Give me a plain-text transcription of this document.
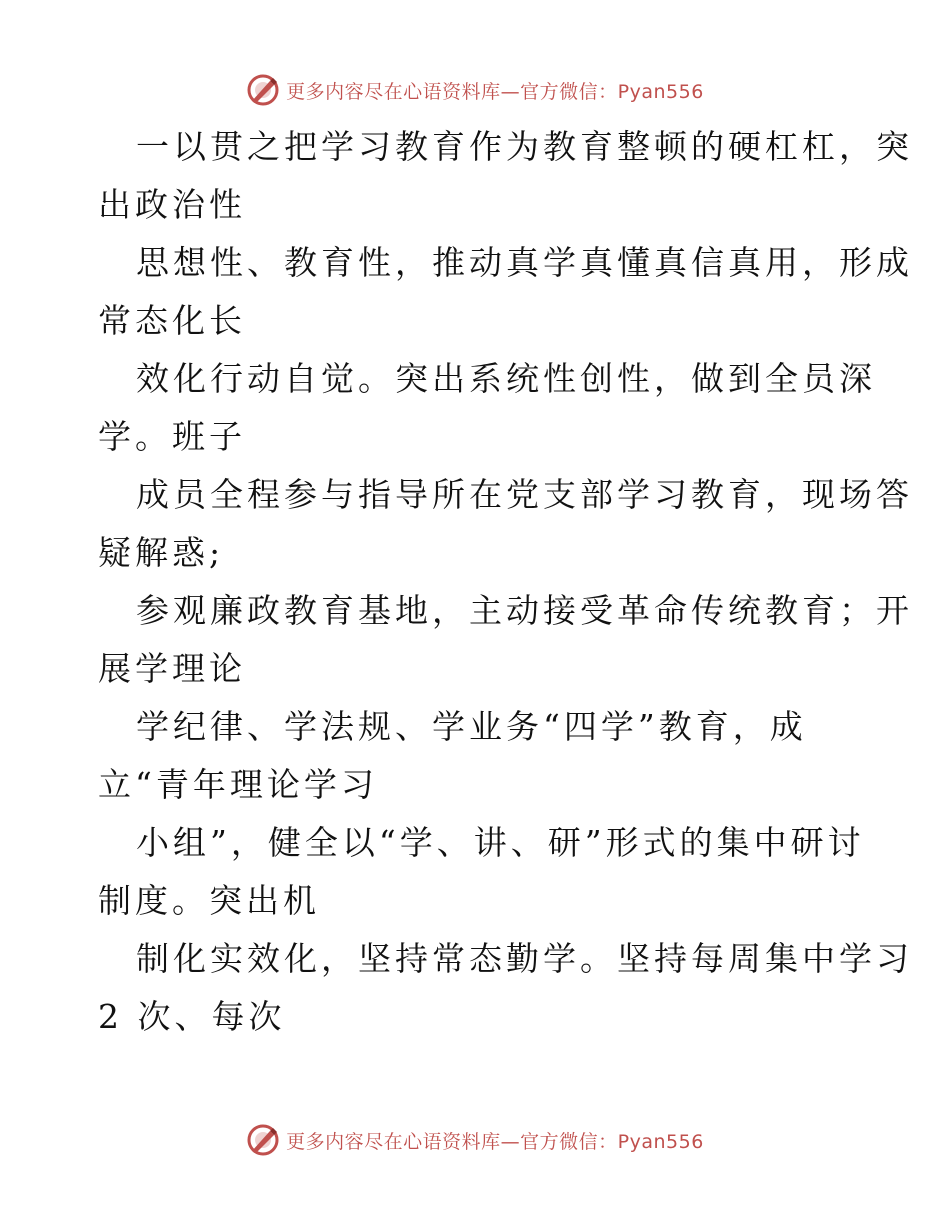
更多内容尽在心语资料库—官方微信：Pyan556

一以贯之把学习教育作为教育整顿的硬杠杠，突

出政治性

思想性、教育性，推动真学真懂真信真用，形成

常态化长

效化行动自觉。突出系统性创性，做到全员深

学。班子

成员全程参与指导所在党支部学习教育，现场答

疑解惑;

参观廉政教育基地，主动接受革命传统教育；开

展学理论

学纪律、学法规、学业务“四学”教育，成

立“青年理论学习

小组”，健全以“学、讲、研”形式的集中研讨

制度。突出机

制化实效化，坚持常态勤学。坚持每周集中学习

2 次、每次

更多内容尽在心语资料库—官方微信：Pyan556
